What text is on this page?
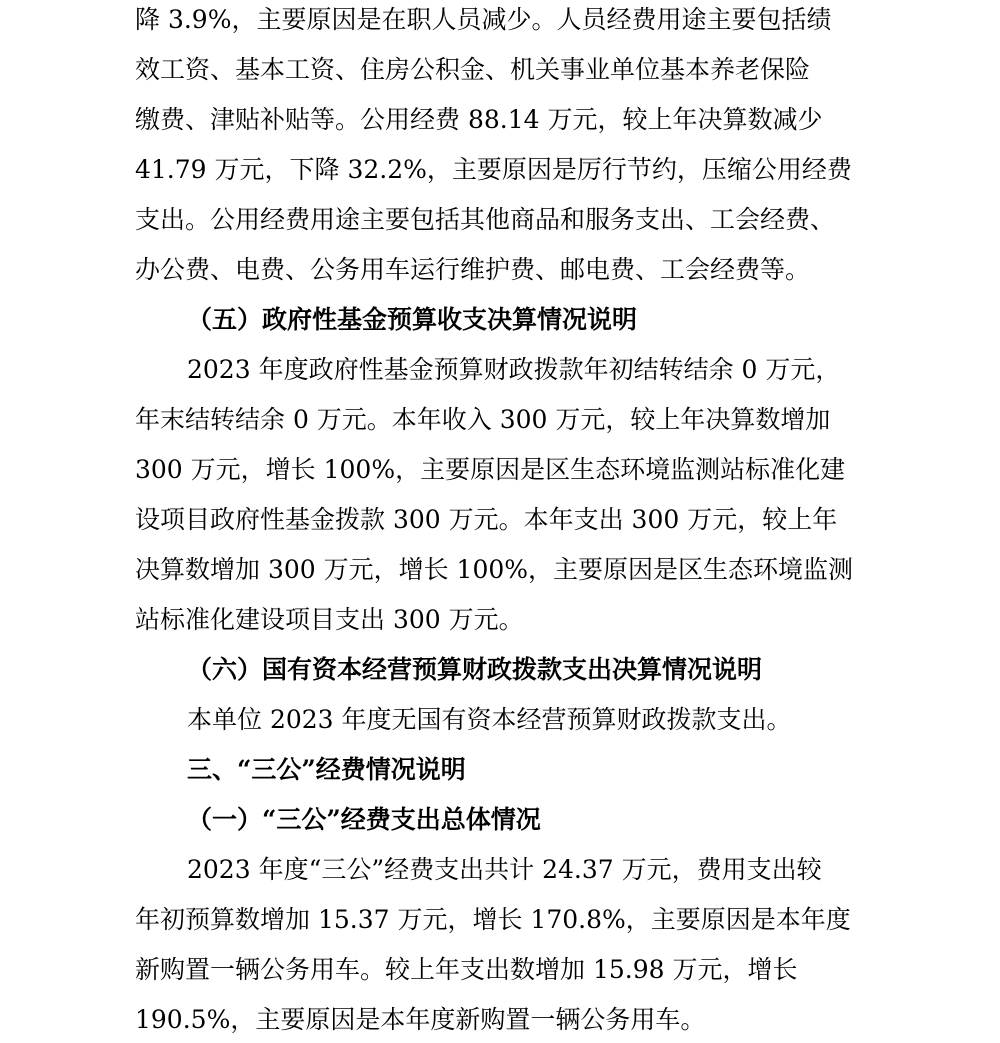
降 3.9%，主要原因是在职人员减少。人员经费用途主要包括绩
效工资、基本工资、住房公积金、机关事业单位基本养老保险
缴费、津贴补贴等。公用经费 88.14 万元，较上年决算数减少
41.79 万元，下降 32.2%，主要原因是厉行节约，压缩公用经费
支出。公用经费用途主要包括其他商品和服务支出、工会经费、
办公费、电费、公务用车运行维护费、邮电费、工会经费等。
（五）政府性基金预算收支决算情况说明
2023 年度政府性基金预算财政拨款年初结转结余 0 万元，
年末结转结余 0 万元。本年收入 300 万元，较上年决算数增加
300 万元，增长 100%，主要原因是区生态环境监测站标准化建
设项目政府性基金拨款 300 万元。本年支出 300 万元，较上年
决算数增加 300 万元，增长 100%，主要原因是区生态环境监测
站标准化建设项目支出 300 万元。
（六）国有资本经营预算财政拨款支出决算情况说明
本单位 2023 年度无国有资本经营预算财政拨款支出。
三、“三公”经费情况说明
（一）“三公”经费支出总体情况
2023 年度“三公”经费支出共计 24.37 万元，费用支出较
年初预算数增加 15.37 万元，增长 170.8%，主要原因是本年度
新购置一辆公务用车。较上年支出数增加 15.98 万元，增长
190.5%，主要原因是本年度新购置一辆公务用车。
